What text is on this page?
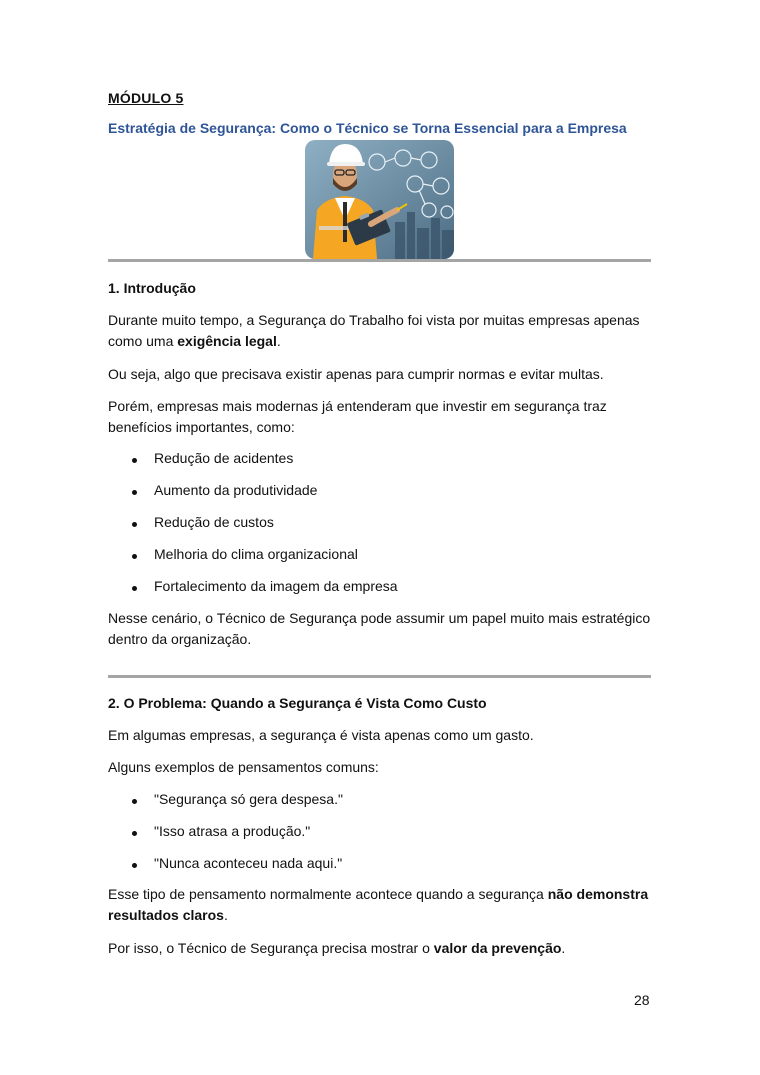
MÓDULO 5
Estratégia de Segurança: Como o Técnico se Torna Essencial para a Empresa
1. Introdução
Durante muito tempo, a Segurança do Trabalho foi vista por muitas empresas apenas como uma exigência legal.
Ou seja, algo que precisava existir apenas para cumprir normas e evitar multas.
Porém, empresas mais modernas já entenderam que investir em segurança traz benefícios importantes, como:
Redução de acidentes
Aumento da produtividade
Redução de custos
Melhoria do clima organizacional
Fortalecimento da imagem da empresa
Nesse cenário, o Técnico de Segurança pode assumir um papel muito mais estratégico dentro da organização.
2. O Problema: Quando a Segurança é Vista Como Custo
Em algumas empresas, a segurança é vista apenas como um gasto.
Alguns exemplos de pensamentos comuns:
"Segurança só gera despesa."
"Isso atrasa a produção."
"Nunca aconteceu nada aqui."
Esse tipo de pensamento normalmente acontece quando a segurança não demonstra resultados claros.
Por isso, o Técnico de Segurança precisa mostrar o valor da prevenção.
28
